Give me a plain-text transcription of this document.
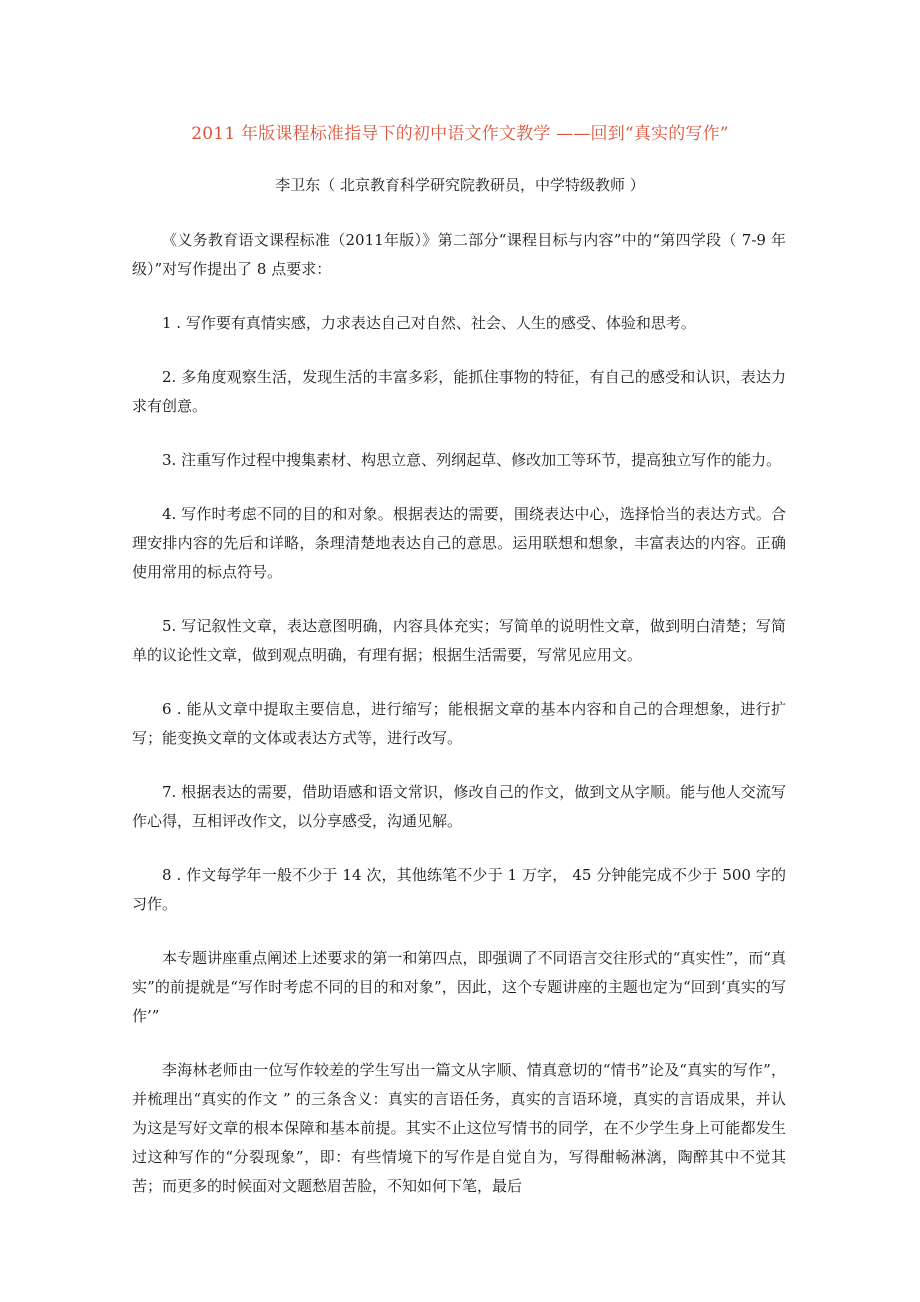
2011 年版课程标准指导下的初中语文作文教学 ——回到“真实的写作”
李卫东（ 北京教育科学研究院教研员，中学特级教师 ）

《义务教育语文课程标准（2011年版）》第二部分“课程目标与内容”中的“第四学段（ 7-9 年级）”对写作提出了 8 点要求：

1 . 写作要有真情实感，力求表达自己对自然、社会、人生的感受、体验和思考。

2. 多角度观察生活，发现生活的丰富多彩，能抓住事物的特征，有自己的感受和认识，表达力求有创意。

3. 注重写作过程中搜集素材、构思立意、列纲起草、修改加工等环节，提高独立写作的能力。

4. 写作时考虑不同的目的和对象。根据表达的需要，围绕表达中心，选择恰当的表达方式。合理安排内容的先后和详略，条理清楚地表达自己的意思。运用联想和想象，丰富表达的内容。正确使用常用的标点符号。

5. 写记叙性文章，表达意图明确，内容具体充实；写简单的说明性文章，做到明白清楚；写简单的议论性文章，做到观点明确，有理有据；根据生活需要，写常见应用文。

6 . 能从文章中提取主要信息，进行缩写；能根据文章的基本内容和自己的合理想象，进行扩写；能变换文章的文体或表达方式等，进行改写。

7. 根据表达的需要，借助语感和语文常识，修改自己的作文，做到文从字顺。能与他人交流写作心得，互相评改作文，以分享感受，沟通见解。

8 . 作文每学年一般不少于 14 次，其他练笔不少于 1 万字， 45 分钟能完成不少于 500 字的习作。

本专题讲座重点阐述上述要求的第一和第四点，即强调了不同语言交往形式的“真实性”，而“真实”的前提就是“写作时考虑不同的目的和对象”，因此，这个专题讲座的主题也定为“回到‘真实的写作’”

李海林老师由一位写作较差的学生写出一篇文从字顺、情真意切的“情书”论及“真实的写作”，并梳理出“真实的作文 ” 的三条含义：真实的言语任务，真实的言语环境，真实的言语成果，并认为这是写好文章的根本保障和基本前提。其实不止这位写情书的同学，在不少学生身上可能都发生过这种写作的“分裂现象”，即：有些情境下的写作是自觉自为，写得酣畅淋漓，陶醉其中不觉其苦；而更多的时候面对文题愁眉苦脸，不知如何下笔，最后
